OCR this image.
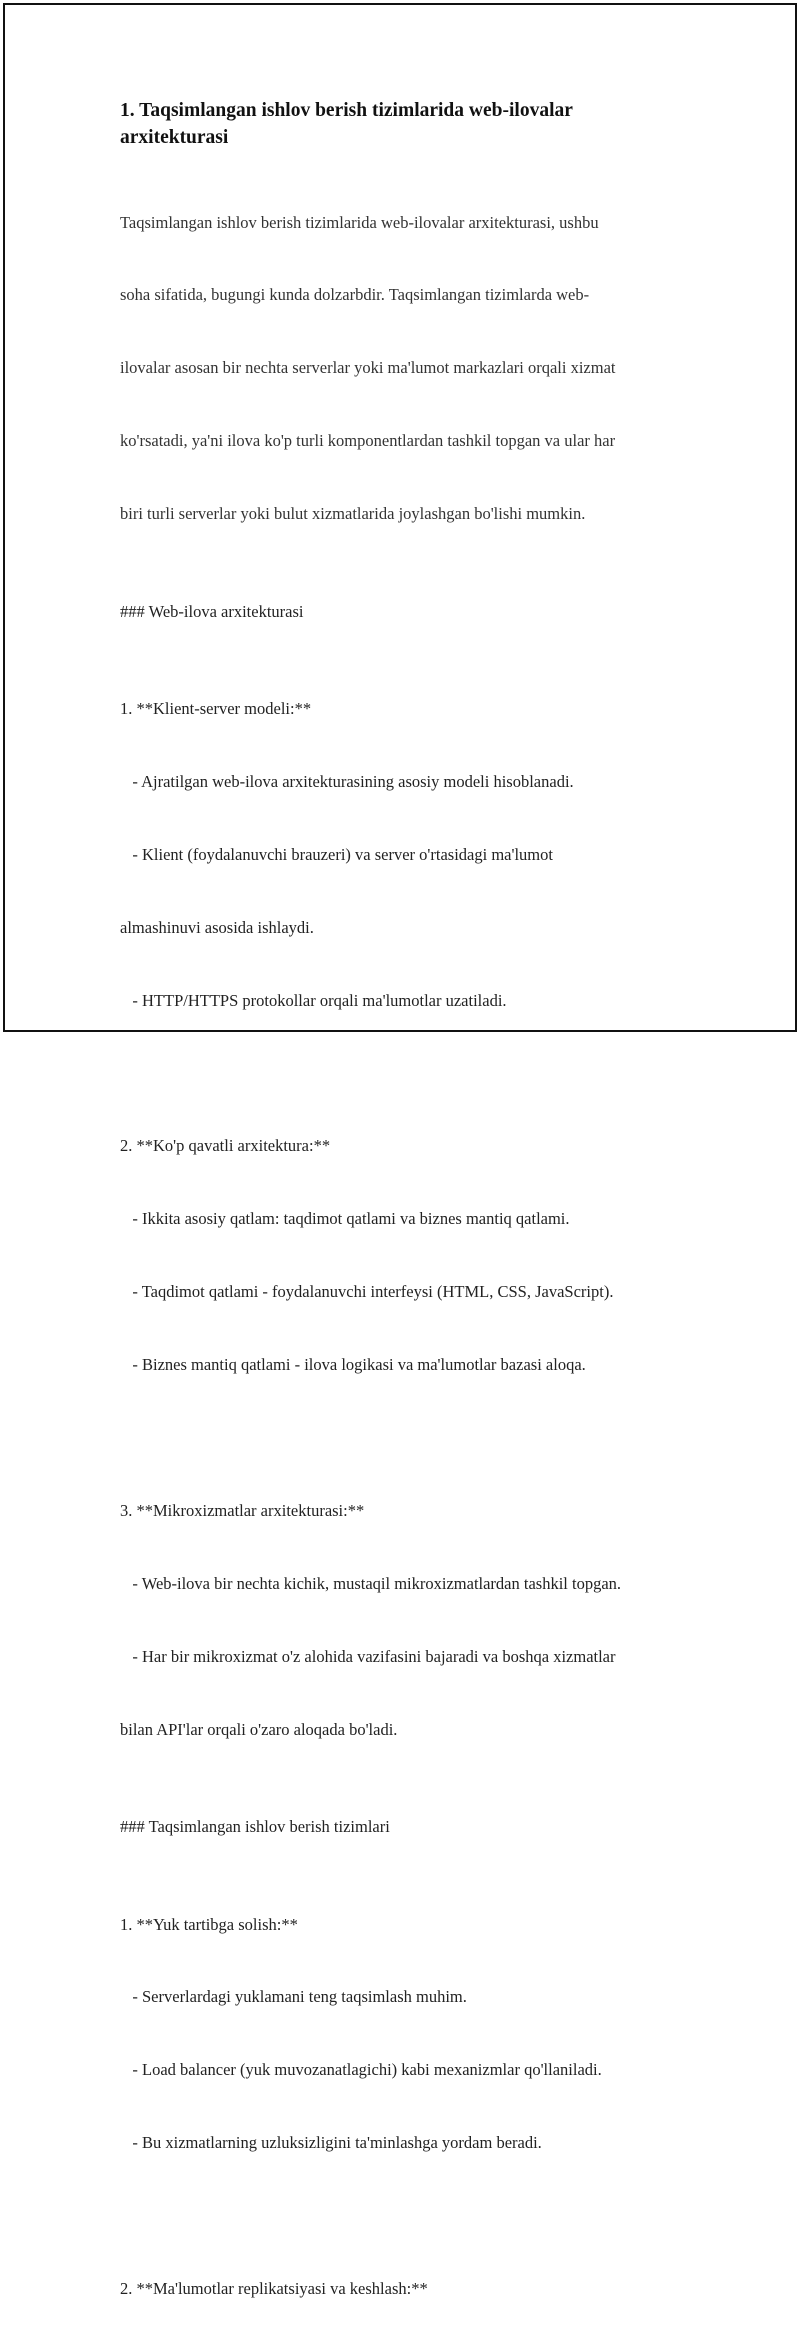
1. Taqsimlangan ishlov berish tizimlarida web-ilovalar
arxitekturasi

Taqsimlangan ishlov berish tizimlarida web-ilovalar arxitekturasi, ushbu

soha sifatida, bugungi kunda dolzarbdir. Taqsimlangan tizimlarda web-

ilovalar asosan bir nechta serverlar yoki ma'lumot markazlari orqali xizmat

ko'rsatadi, ya'ni ilova ko'p turli komponentlardan tashkil topgan va ular har

biri turli serverlar yoki bulut xizmatlarida joylashgan bo'lishi mumkin.

### Web-ilova arxitekturasi

1. **Klient-server modeli:**

- Ajratilgan web-ilova arxitekturasining asosiy modeli hisoblanadi.

- Klient (foydalanuvchi brauzeri) va server o'rtasidagi ma'lumot

almashinuvi asosida ishlaydi.

- HTTP/HTTPS protokollar orqali ma'lumotlar uzatiladi.

2. **Ko'p qavatli arxitektura:**

- Ikkita asosiy qatlam: taqdimot qatlami va biznes mantiq qatlami.

- Taqdimot qatlami - foydalanuvchi interfeysi (HTML, CSS, JavaScript).

- Biznes mantiq qatlami - ilova logikasi va ma'lumotlar bazasi aloqa.

3. **Mikroxizmatlar arxitekturasi:**

- Web-ilova bir nechta kichik, mustaqil mikroxizmatlardan tashkil topgan.

- Har bir mikroxizmat o'z alohida vazifasini bajaradi va boshqa xizmatlar

bilan API'lar orqali o'zaro aloqada bo'ladi.

### Taqsimlangan ishlov berish tizimlari

1. **Yuk tartibga solish:**

- Serverlardagi yuklamani teng taqsimlash muhim.

- Load balancer (yuk muvozanatlagichi) kabi mexanizmlar qo'llaniladi.

- Bu xizmatlarning uzluksizligini ta'minlashga yordam beradi.

2. **Ma'lumotlar replikatsiyasi va keshlash:**
